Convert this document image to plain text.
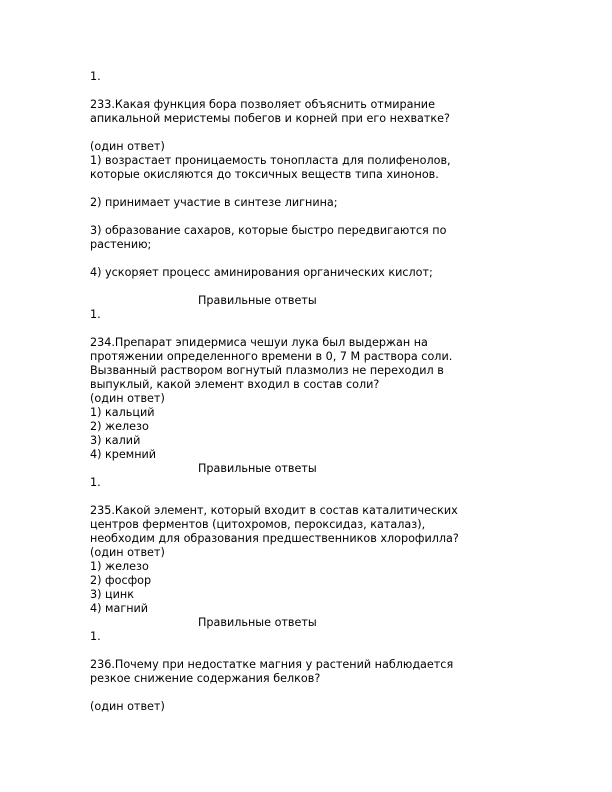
1.
233.Какая функция бора позволяет объяснить отмирание
апикальной меристемы побегов и корней при его нехватке?
(один ответ)
1) возрастает проницаемость тонопласта для полифенолов,
которые окисляются до токсичных веществ типа хинонов.
2) принимает участие в синтезе лигнина;
3) образование сахаров, которые быстро передвигаются по
растению;
4) ускоряет процесс аминирования органических кислот;
Правильные ответы
1.
234.Препарат эпидермиса чешуи лука был выдержан на
протяжении определенного времени в 0, 7 М раствора соли.
Вызванный раствором вогнутый плазмолиз не переходил в
выпуклый, какой элемент входил в состав соли?
(один ответ)
1) кальций
2) железо
3) калий
4) кремний
Правильные ответы
1.
235.Какой элемент, который входит в состав каталитических
центров ферментов (цитохромов, пероксидаз, каталаз),
необходим для образования предшественников хлорофилла?
(один ответ)
1) железо
2) фосфор
3) цинк
4) магний
Правильные ответы
1.
236.Почему при недостатке магния у растений наблюдается
резкое снижение содержания белков?
(один ответ)
